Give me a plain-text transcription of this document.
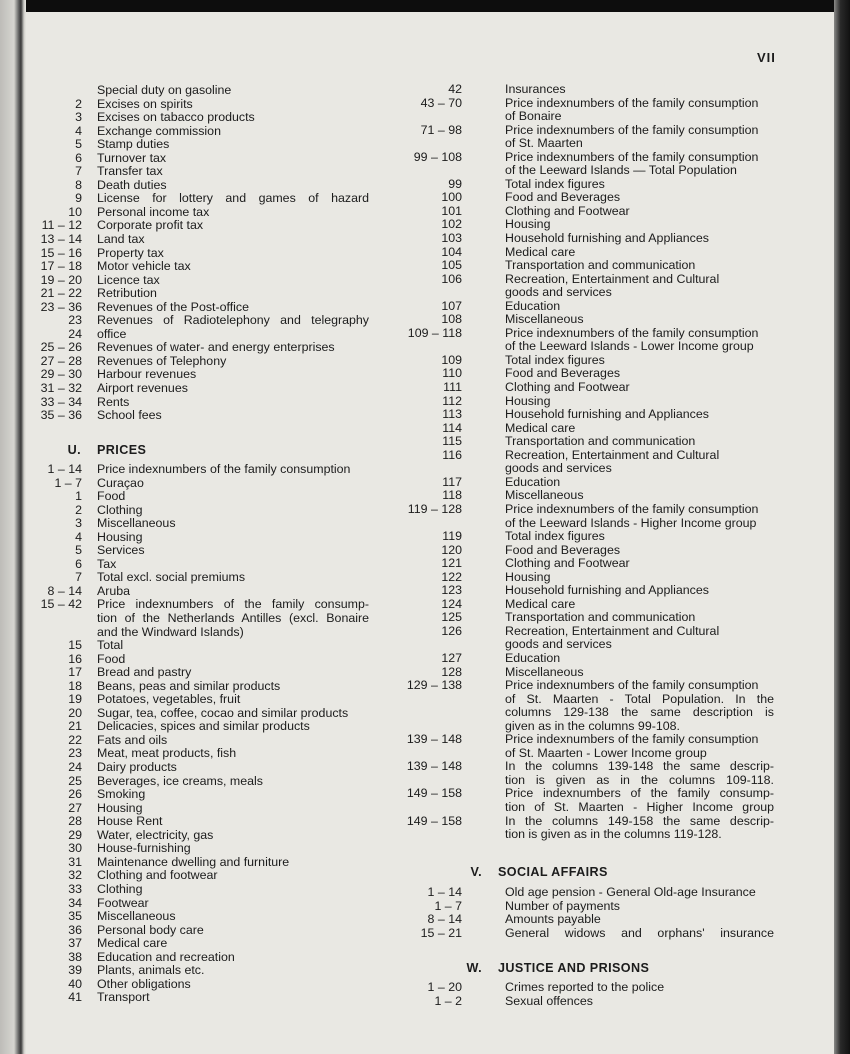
VII
Special duty on gasoline
2 Excises on spirits
3 Excises on tabacco products
4 Exchange commission
5 Stamp duties
6 Turnover tax
7 Transfer tax
8 Death duties
9 License for lottery and games of hazard
10 Personal income tax
11 – 12 Corporate profit tax
13 – 14 Land tax
15 – 16 Property tax
17 – 18 Motor vehicle tax
19 – 20 Licence tax
21 – 22 Retribution
23 – 36 Revenues of the Post-office
23 Revenues of Radiotelephony and telegraphy
24 office
25 – 26 Revenues of water- and energy enterprises
27 – 28 Revenues of Telephony
29 – 30 Harbour revenues
31 – 32 Airport revenues
33 – 34 Rents
35 – 36 School fees
U. PRICES
1 – 14 Price indexnumbers of the family consumption
1 – 7 Curaçao
1 Food
2 Clothing
3 Miscellaneous
4 Housing
5 Services
6 Tax
7 Total excl. social premiums
8 – 14 Aruba
15 – 42 Price indexnumbers of the family consump-
tion of the Netherlands Antilles (excl. Bonaire
and the Windward Islands)
15 Total
16 Food
17 Bread and pastry
18 Beans, peas and similar products
19 Potatoes, vegetables, fruit
20 Sugar, tea, coffee, cocao and similar products
21 Delicacies, spices and similar products
22 Fats and oils
23 Meat, meat products, fish
24 Dairy products
25 Beverages, ice creams, meals
26 Smoking
27 Housing
28 House Rent
29 Water, electricity, gas
30 House-furnishing
31 Maintenance dwelling and furniture
32 Clothing and footwear
33 Clothing
34 Footwear
35 Miscellaneous
36 Personal body care
37 Medical care
38 Education and recreation
39 Plants, animals etc.
40 Other obligations
41 Transport
42	Insurances
43 – 70	Price indexnumbers of the family consumption
of Bonaire
71 – 98	Price indexnumbers of the family consumption
of St. Maarten
99 – 108	Price indexnumbers of the family consumption
of the Leeward Islands — Total Population
99	Total index figures
100	Food and Beverages
101	Clothing and Footwear
102	Housing
103	Household furnishing and Appliances
104	Medical care
105	Transportation and communication
106	Recreation, Entertainment and Cultural
goods and services
107	Education
108	Miscellaneous
109 – 118	Price indexnumbers of the family consumption
of the Leeward Islands - Lower Income group
109	Total index figures
110	Food and Beverages
111	Clothing and Footwear
112	Housing
113	Household furnishing and Appliances
114	Medical care
115	Transportation and communication
116	Recreation, Entertainment and Cultural
goods and services
117	Education
118	Miscellaneous
119 – 128	Price indexnumbers of the family consumption
of the Leeward Islands - Higher Income group
119	Total index figures
120	Food and Beverages
121	Clothing and Footwear
122	Housing
123	Household furnishing and Appliances
124	Medical care
125	Transportation and communication
126	Recreation, Entertainment and Cultural
goods and services
127	Education
128	Miscellaneous
129 – 138	Price indexnumbers of the family consumption
of St. Maarten - Total Population. In the
columns 129-138 the same description is
given as in the columns 99-108.
139 – 148	Price indexnumbers of the family consumption
of St. Maarten - Lower Income group
139 – 148	In the columns 139-148 the same descrip-
tion is given as in the columns 109-118.
149 – 158	Price indexnumbers of the family consump-
tion of St. Maarten - Higher Income group
149 – 158	In the columns 149-158 the same descrip-
tion is given as in the columns 119-128.
V. SOCIAL AFFAIRS
1 – 14	Old age pension - General Old-age Insurance
1 – 7	Number of payments
8 – 14	Amounts payable
15 – 21	General widows and orphans' insurance
W. JUSTICE AND PRISONS
1 – 20	Crimes reported to the police
1 – 2	Sexual offences
